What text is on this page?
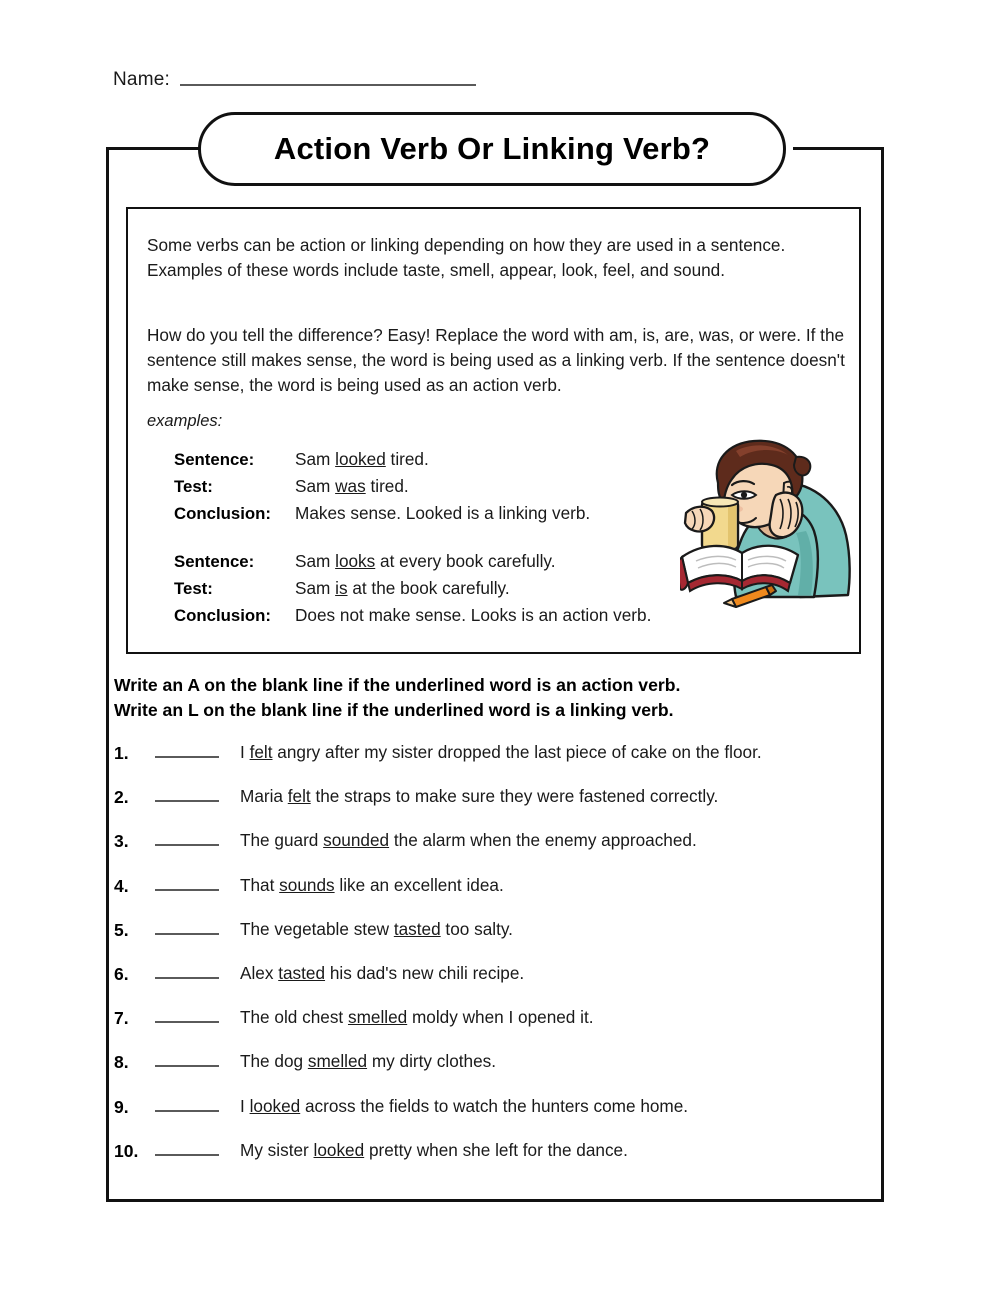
Name:
Action Verb Or Linking Verb?
Some verbs can be action or linking depending on how they are used in a sentence. Examples of these words include taste, smell, appear, look, feel, and sound.
How do you tell the difference? Easy! Replace the word with am, is, are, was, or were. If the sentence still makes sense, the word is being used as a linking verb. If the sentence doesn't make sense, the word is being used as an action verb.
examples:
Sentence:	Sam looked tired.
Test:	Sam was tired.
Conclusion:	Makes sense. Looked is a linking verb.
Sentence:	Sam looks at every book carefully.
Test:	Sam is at the book carefully.
Conclusion:	Does not make sense. Looks is an action verb.
Write an A on the blank line if the underlined word is an action verb.
Write an L on the blank line if the underlined word is a linking verb.
1.	I felt angry after my sister dropped the last piece of cake on the floor.
2.	Maria felt the straps to make sure they were fastened correctly.
3.	The guard sounded the alarm when the enemy approached.
4.	That sounds like an excellent idea.
5.	The vegetable stew tasted too salty.
6.	Alex tasted his dad's new chili recipe.
7.	The old chest smelled moldy when I opened it.
8.	The dog smelled my dirty clothes.
9.	I looked across the fields to watch the hunters come home.
10.	My sister looked pretty when she left for the dance.
